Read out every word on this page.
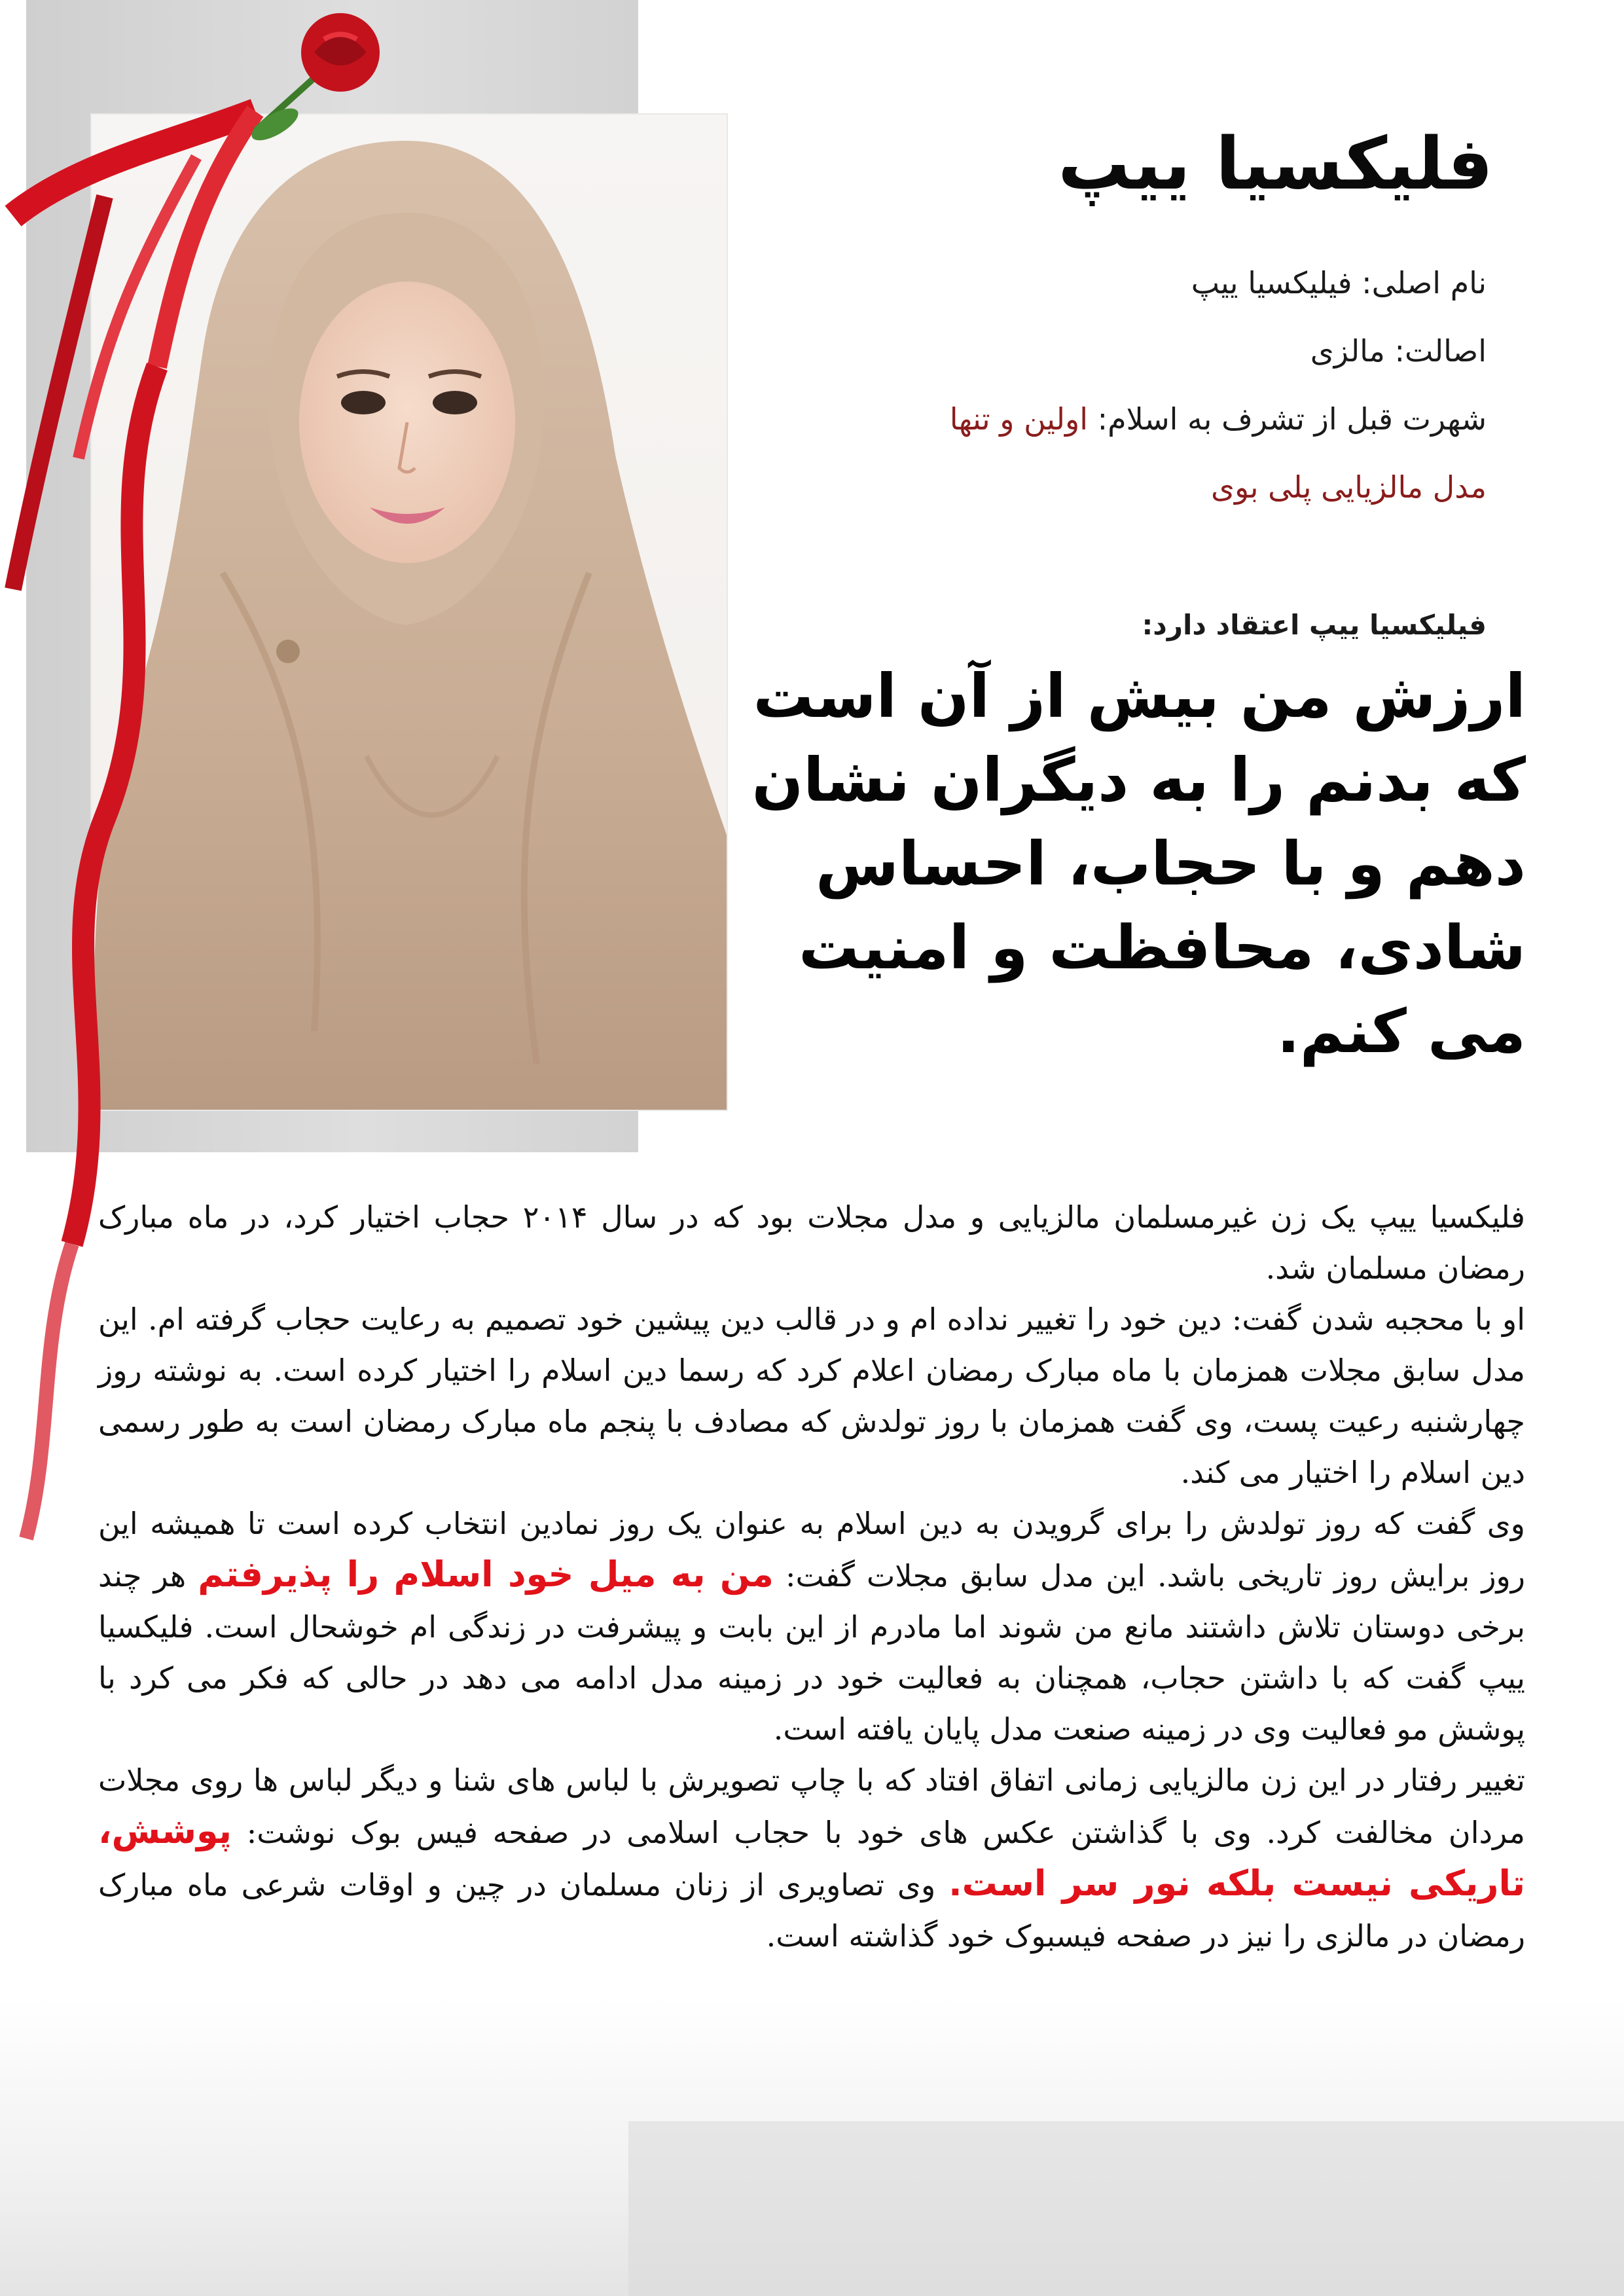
فلیکسیا ییپ
نام اصلی: فیلیکسیا ییپ
اصالت: مالزی
شهرت قبل از تشرف به اسلام: اولین و تنها
مدل مالزیایی پلی بوی
فیلیکسیا ییپ اعتقاد دارد:
ارزش من بیش از آن است که بدنم را به دیگران نشان دهم و با حجاب، احساس شادی، محافظت و امنیت می کنم.

فلیکسیا ییپ یک زن غیرمسلمان مالزیایی و مدل مجلات بود که در سال ۲۰۱۴ حجاب اختیار کرد، در ماه مبارک رمضان مسلمان شد.

او با محجبه شدن گفت: دین خود را تغییر نداده ام و در قالب دین پیشین خود تصمیم به رعایت حجاب گرفته ام. این مدل سابق مجلات همزمان با ماه مبارک رمضان اعلام کرد که رسما دین اسلام را اختیار کرده است. به نوشته روز چهارشنبه رعیت پست، وی گفت همزمان با روز تولدش که مصادف با پنجم ماه مبارک رمضان است به طور رسمی دین اسلام را اختیار می کند.

وی گفت که روز تولدش را برای گرویدن به دین اسلام به عنوان یک روز نمادین انتخاب کرده است تا همیشه این روز برایش روز تاریخی باشد. این مدل سابق مجلات گفت: من به میل خود اسلام را پذیرفتم هر چند برخی دوستان تلاش داشتند مانع من شوند اما مادرم از این بابت و پیشرفت در زندگی ام خوشحال است. فلیکسیا ییپ گفت که با داشتن حجاب، همچنان به فعالیت خود در زمینه مدل ادامه می دهد در حالی که فکر می کرد با پوشش مو فعالیت وی در زمینه صنعت مدل پایان یافته است.

تغییر رفتار در این زن مالزیایی زمانی اتفاق افتاد که با چاپ تصویرش با لباس های شنا و دیگر لباس ها روی مجلات مردان مخالفت کرد. وی با گذاشتن عکس های خود با حجاب اسلامی در صفحه فیس بوک نوشت: پوشش، تاریکی نیست بلکه نور سر است. وی تصاویری از زنان مسلمان در چین و اوقات شرعی ماه مبارک رمضان در مالزی را نیز در صفحه فیسبوک خود گذاشته است.
